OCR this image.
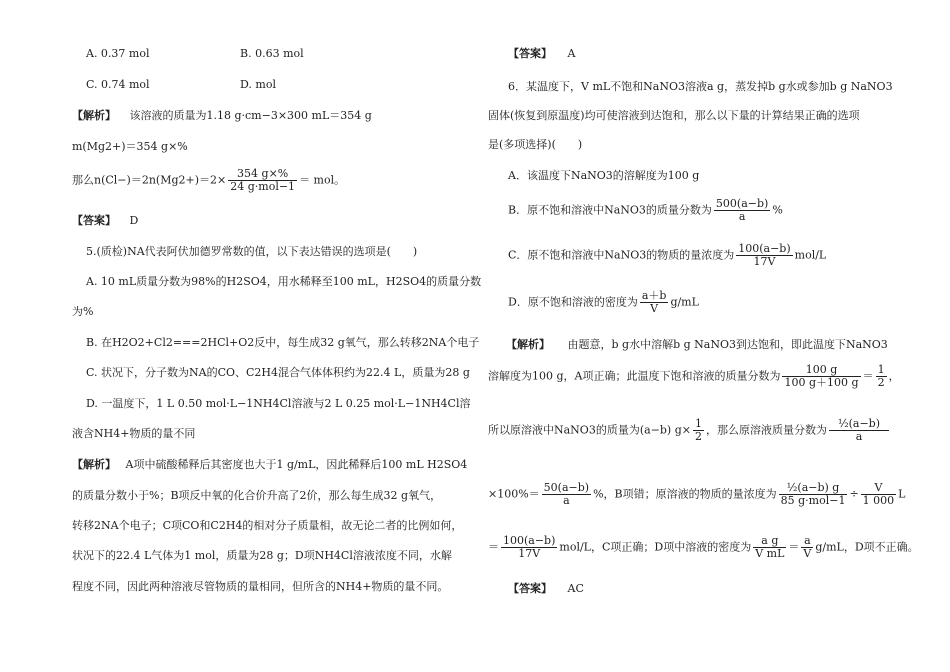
A. 0.37 mol	B. 0.63 mol
C. 0.74 mol	D. mol
【解析】 该溶液的质量为1.18 g·cm−3×300 mL＝354 g
m(Mg2+)＝354 g×%
那么$n(Cl-)=2n(Mg2+)=2\times \frac{354 g\times\%}{\text{24 g·mol−1}}$ ＝ mol。
【答案】 D
5.(质检)NA代表阿伏加德罗常数的值，以下表达错误的选项是(　　)
A. 10 mL质量分数为98%的H2SO4，用水稀释至100 mL，H2SO4的质量分数
为%
B. 在H2O2+Cl2===2HCl+O2反中，每生成32 g氧气，那么转移2NA个电子
C. 状况下，分子数为NA的CO、C2H4混合气体体积约为22.4 L，质量为28 g
D. 一温度下，1 L 0.50 mol·L−1NH4Cl溶液与2 L 0.25 mol·L−1NH4Cl溶
液含NH4+物质的量不同
【解析】 A项中硫酸稀释后其密度也大于1 g/mL，因此稀释后100 mL H2SO4
的质量分数小于%；B项反中氧的化合价升高了2价，那么每生成32 g氧气，
转移2NA个电子；C项CO和C2H4的相对分子质量相，故无论二者的比例如何，
状况下的22.4 L气体为1 mol，质量为28 g；D项NH4Cl溶液浓度不同，水解
程度不同，因此两种溶液尽管物质的量相同，但所含的NH4+物质的量不同。
【答案】 A
6．某温度下，V mL不饱和NaNO3溶液a g，蒸发掉b g水或参加b g NaNO3
固体(恢复到原温度)均可使溶液到达饱和，那么以下量的计算结果正确的选项
是(多项选择)(　　)
A．该温度下NaNO3的溶解度为100 g
B．原不饱和溶液中NaNO3的质量分数为 $\frac{500(a-b)}{a}$ %
C．原不饱和溶液中NaNO3的物质的量浓度为 $\frac{100(a-b)}{17V} mol/L$
D．原不饱和溶液的密度为 $\frac{a+b}{V} g/mL$
【解析】 由题意，b g水中溶解b g NaNO3到达饱和，即此温度下NaNO3
溶解度为100 g，A项正确；此温度下饱和溶液的质量分数为 $\frac{100 g}{100 g+100 g} = \frac{1}{2}$ ，
所以原溶液中NaNO3的质量为(a−b) $g\times \frac{1}{2}$ ，那么原溶液质量分数为 $\frac{\text{½(a−b)}}{a}$
$\times 100\%= \frac{50(a-b)}{a}$ %，B项错；原溶液的物质的量浓度为 $\frac{\text{½(a−b) g}}{\text{85 g·mol−1}} \div \frac{V}{1 000}$ L
＝ $\frac{100(a-b)}{17V} mol/L$，C项正确；D项中溶液的密度为 $\frac{\text{a g}}{\text{V mL}} = \frac{a}{V} g/mL$，D项不正确。
【答案】 AC
